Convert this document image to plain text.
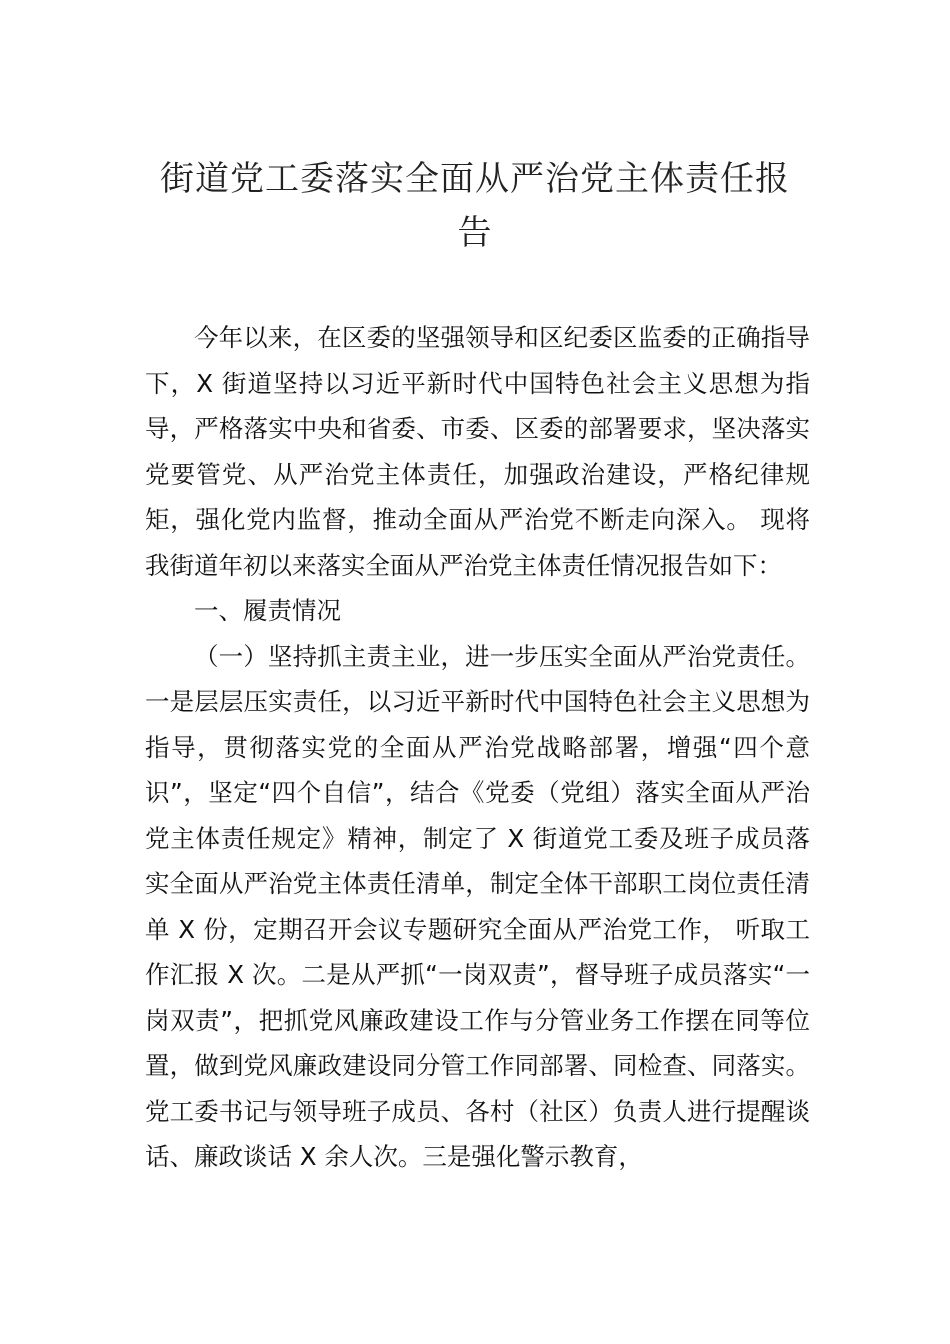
街道党工委落实全面从严治党主体责任报告

今年以来，在区委的坚强领导和区纪委区监委的正确指导下，X 街道坚持以习近平新时代中国特色社会主义思想为指导，严格落实中央和省委、市委、区委的部署要求，坚决落实党要管党、从严治党主体责任，加强政治建设，严格纪律规矩，强化党内监督，推动全面从严治党不断走向深入。 现将我街道年初以来落实全面从严治党主体责任情况报告如下：

一、履责情况

（一）坚持抓主责主业，进一步压实全面从严治党责任。一是层层压实责任，以习近平新时代中国特色社会主义思想为指导，贯彻落实党的全面从严治党战略部署，增强“四个意识”，坚定“四个自信”，结合《党委（党组）落实全面从严治党主体责任规定》精神，制定了 X 街道党工委及班子成员落实全面从严治党主体责任清单，制定全体干部职工岗位责任清单 X 份，定期召开会议专题研究全面从严治党工作， 听取工作汇报 X 次。二是从严抓“一岗双责”，督导班子成员落实“一岗双责”，把抓党风廉政建设工作与分管业务工作摆在同等位置，做到党风廉政建设同分管工作同部署、同检查、同落实。党工委书记与领导班子成员、各村（社区）负责人进行提醒谈话、廉政谈话 X 余人次。三是强化警示教育，
